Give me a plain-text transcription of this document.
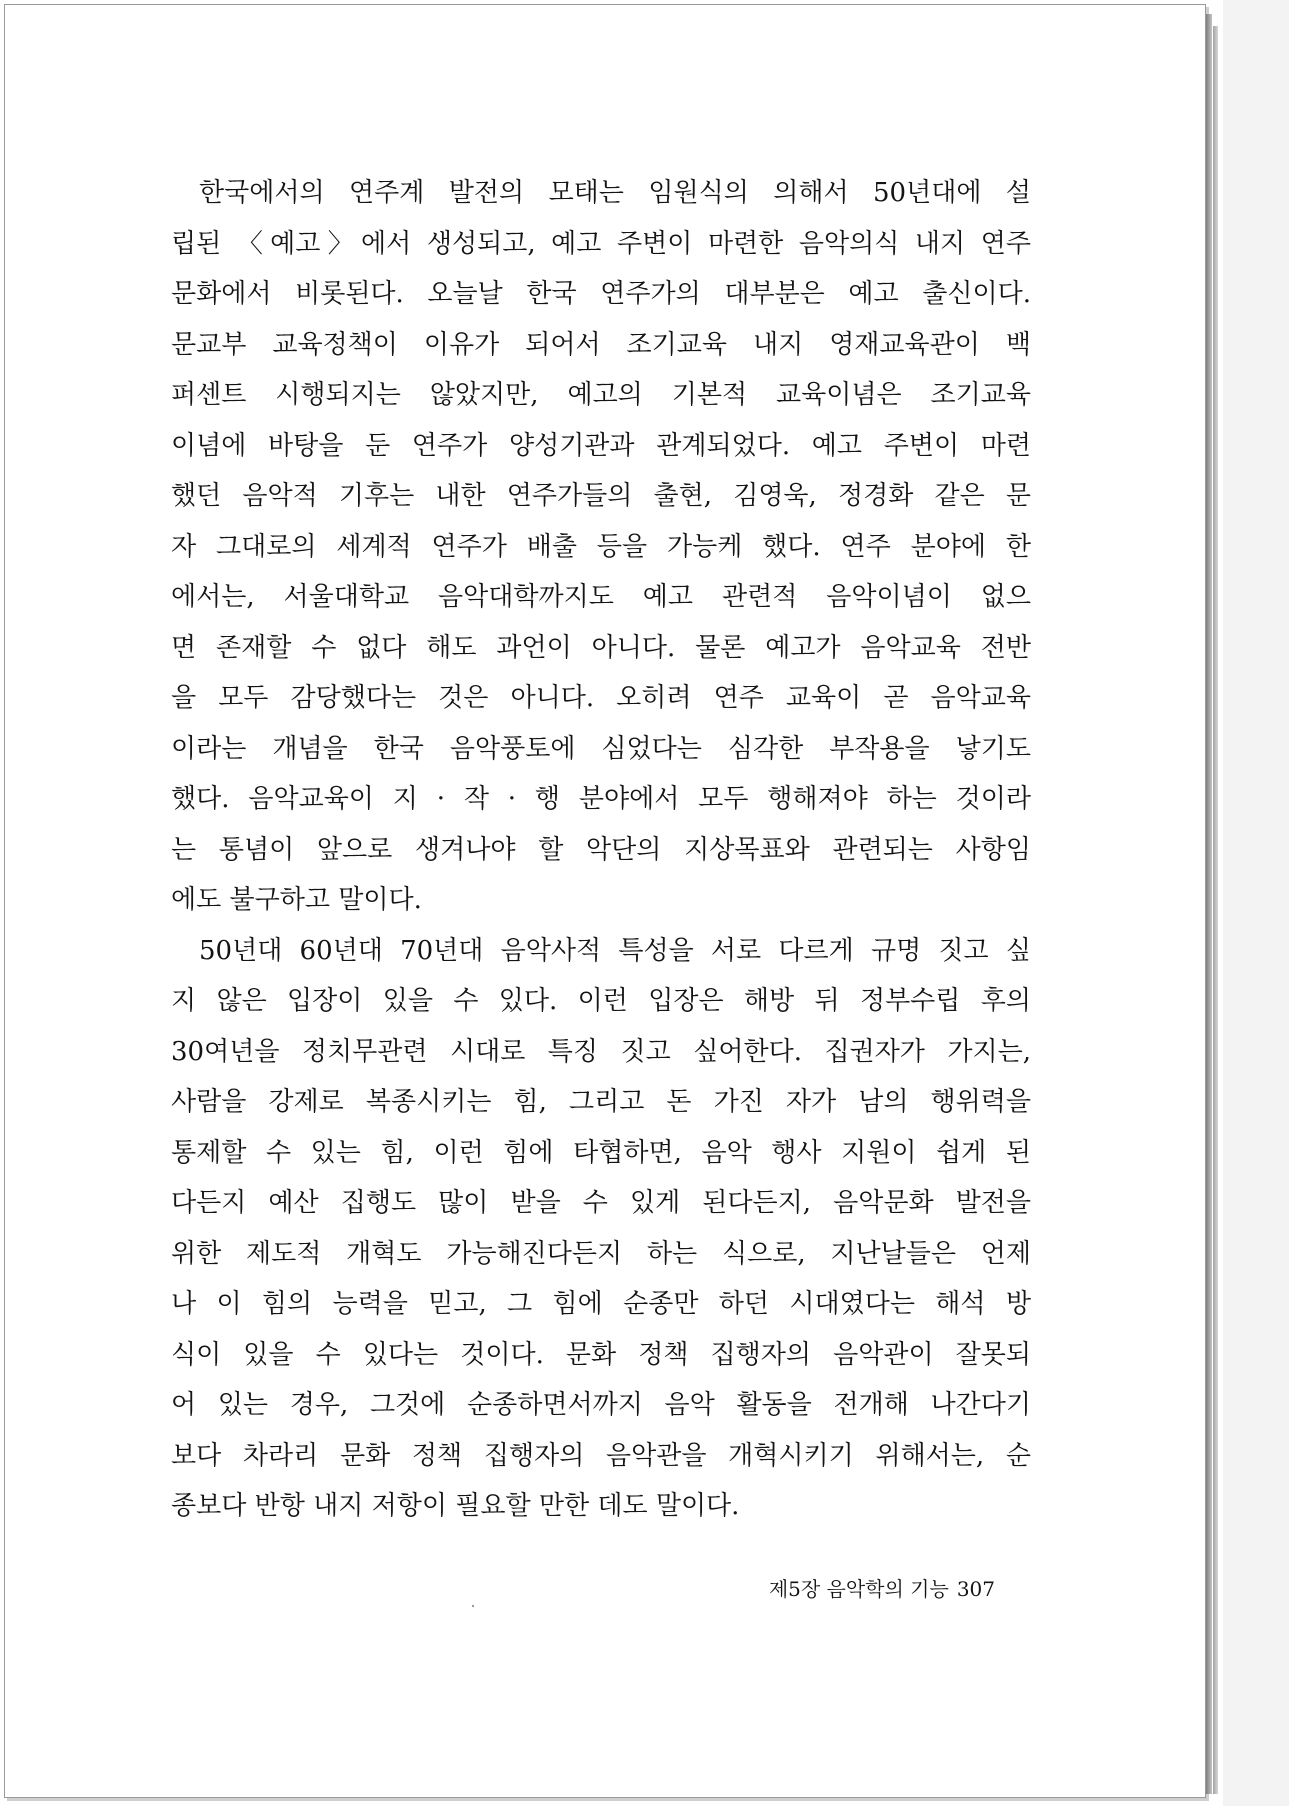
한국에서의 연주계 발전의 모태는 임원식의 의해서 50년대에 설
립된 〈예고〉에서 생성되고, 예고 주변이 마련한 음악의식 내지 연주
문화에서 비롯된다. 오늘날 한국 연주가의 대부분은 예고 출신이다.
문교부 교육정책이 이유가 되어서 조기교육 내지 영재교육관이 백
퍼센트 시행되지는 않았지만, 예고의 기본적 교육이념은 조기교육
이념에 바탕을 둔 연주가 양성기관과 관계되었다. 예고 주변이 마련
했던 음악적 기후는 내한 연주가들의 출현, 김영욱, 정경화 같은 문
자 그대로의 세계적 연주가 배출 등을 가능케 했다. 연주 분야에 한
에서는, 서울대학교 음악대학까지도 예고 관련적 음악이념이 없으
면 존재할 수 없다 해도 과언이 아니다. 물론 예고가 음악교육 전반
을 모두 감당했다는 것은 아니다. 오히려 연주 교육이 곧 음악교육
이라는 개념을 한국 음악풍토에 심었다는 심각한 부작용을 낳기도
했다. 음악교육이 지 · 작 · 행 분야에서 모두 행해져야 하는 것이라
는 통념이 앞으로 생겨나야 할 악단의 지상목표와 관련되는 사항임
에도 불구하고 말이다.
50년대 60년대 70년대 음악사적 특성을 서로 다르게 규명 짓고 싶
지 않은 입장이 있을 수 있다. 이런 입장은 해방 뒤 정부수립 후의
30여년을 정치무관련 시대로 특징 짓고 싶어한다. 집권자가 가지는,
사람을 강제로 복종시키는 힘, 그리고 돈 가진 자가 남의 행위력을
통제할 수 있는 힘, 이런 힘에 타협하면, 음악 행사 지원이 쉽게 된
다든지 예산 집행도 많이 받을 수 있게 된다든지, 음악문화 발전을
위한 제도적 개혁도 가능해진다든지 하는 식으로, 지난날들은 언제
나 이 힘의 능력을 믿고, 그 힘에 순종만 하던 시대였다는 해석 방
식이 있을 수 있다는 것이다. 문화 정책 집행자의 음악관이 잘못되
어 있는 경우, 그것에 순종하면서까지 음악 활동을 전개해 나간다기
보다 차라리 문화 정책 집행자의 음악관을 개혁시키기 위해서는, 순
종보다 반항 내지 저항이 필요할 만한 데도 말이다.
제5장 음악학의 기능 307
